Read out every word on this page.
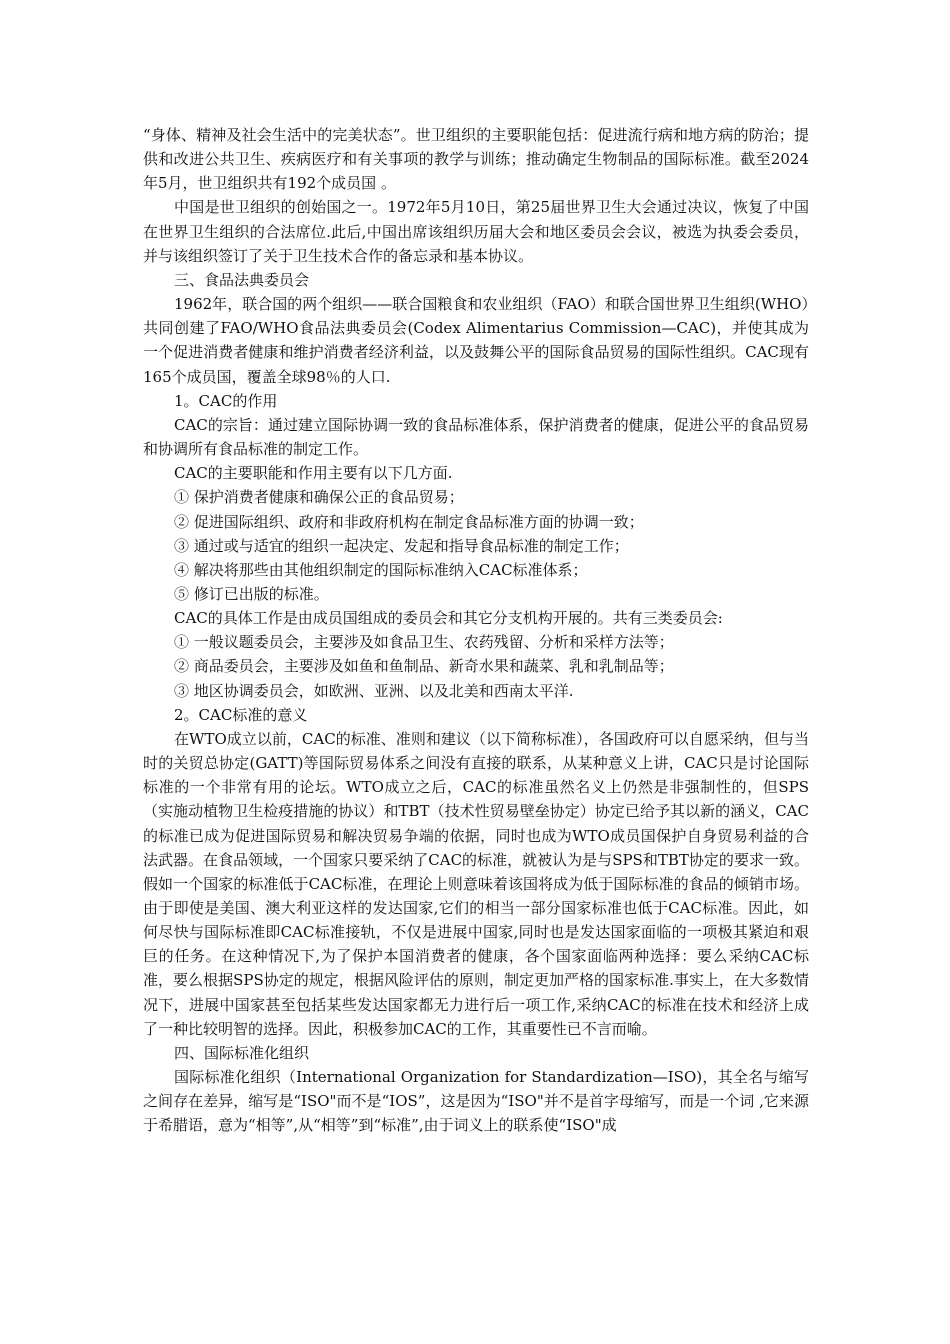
“身体、精神及社会生活中的完美状态”。世卫组织的主要职能包括：促进流行病和地方病的防治；提供和改进公共卫生、疾病医疗和有关事项的教学与训练；推动确定生物制品的国际标准。截至2024年5月，世卫组织共有192个成员国 。

中国是世卫组织的创始国之一。1972年5月10日，第25届世界卫生大会通过决议，恢复了中国在世界卫生组织的合法席位.此后,中国出席该组织历届大会和地区委员会会议，被选为执委会委员，并与该组织签订了关于卫生技术合作的备忘录和基本协议。

三、食品法典委员会

1962年，联合国的两个组织——联合国粮食和农业组织（FAO）和联合国世界卫生组织(WHO）共同创建了FAO/WHO食品法典委员会(Codex Alimentarius Commission—CAC)，并使其成为一个促进消费者健康和维护消费者经济利益，以及鼓舞公平的国际食品贸易的国际性组织。CAC现有165个成员国，覆盖全球98％的人口.

1。CAC的作用

CAC的宗旨：通过建立国际协调一致的食品标准体系，保护消费者的健康，促进公平的食品贸易和协调所有食品标准的制定工作。

CAC的主要职能和作用主要有以下几方面.

① 保护消费者健康和确保公正的食品贸易；

② 促进国际组织、政府和非政府机构在制定食品标准方面的协调一致；

③ 通过或与适宜的组织一起决定、发起和指导食品标准的制定工作；

④ 解决将那些由其他组织制定的国际标准纳入CAC标准体系；

⑤ 修订已出版的标准。

CAC的具体工作是由成员国组成的委员会和其它分支机构开展的。共有三类委员会:

① 一般议题委员会，主要涉及如食品卫生、农药残留、分析和采样方法等；

② 商品委员会，主要涉及如鱼和鱼制品、新奇水果和蔬菜、乳和乳制品等；

③ 地区协调委员会，如欧洲、亚洲、以及北美和西南太平洋.

2。CAC标准的意义

在WTO成立以前，CAC的标准、准则和建议（以下简称标准），各国政府可以自愿采纳，但与当时的关贸总协定(GATT)等国际贸易体系之间没有直接的联系，从某种意义上讲，CAC只是讨论国际标准的一个非常有用的论坛。WTO成立之后，CAC的标准虽然名义上仍然是非强制性的，但SPS（实施动植物卫生检疫措施的协议）和TBT（技术性贸易壁垒协定）协定已给予其以新的涵义，CAC的标准已成为促进国际贸易和解决贸易争端的依据，同时也成为WTO成员国保护自身贸易利益的合法武器。在食品领域，一个国家只要采纳了CAC的标准，就被认为是与SPS和TBT协定的要求一致。假如一个国家的标准低于CAC标准，在理论上则意味着该国将成为低于国际标准的食品的倾销市场。由于即使是美国、澳大利亚这样的发达国家,它们的相当一部分国家标准也低于CAC标准。因此，如何尽快与国际标准即CAC标准接轨，不仅是进展中国家,同时也是发达国家面临的一项极其紧迫和艰巨的任务。在这种情况下,为了保护本国消费者的健康，各个国家面临两种选择：要么采纳CAC标准，要么根据SPS协定的规定，根据风险评估的原则，制定更加严格的国家标准.事实上，在大多数情况下，进展中国家甚至包括某些发达国家都无力进行后一项工作,采纳CAC的标准在技术和经济上成了一种比较明智的选择。因此，积极参加CAC的工作，其重要性已不言而喻。

四、国际标准化组织

国际标准化组织（International Organization for Standardization—ISO)，其全名与缩写之间存在差异，缩写是“ISO"而不是“IOS”，这是因为“ISO"并不是首字母缩写，而是一个词 ,它来源于希腊语，意为“相等”,从“相等”到“标准”,由于词义上的联系使“ISO"成
